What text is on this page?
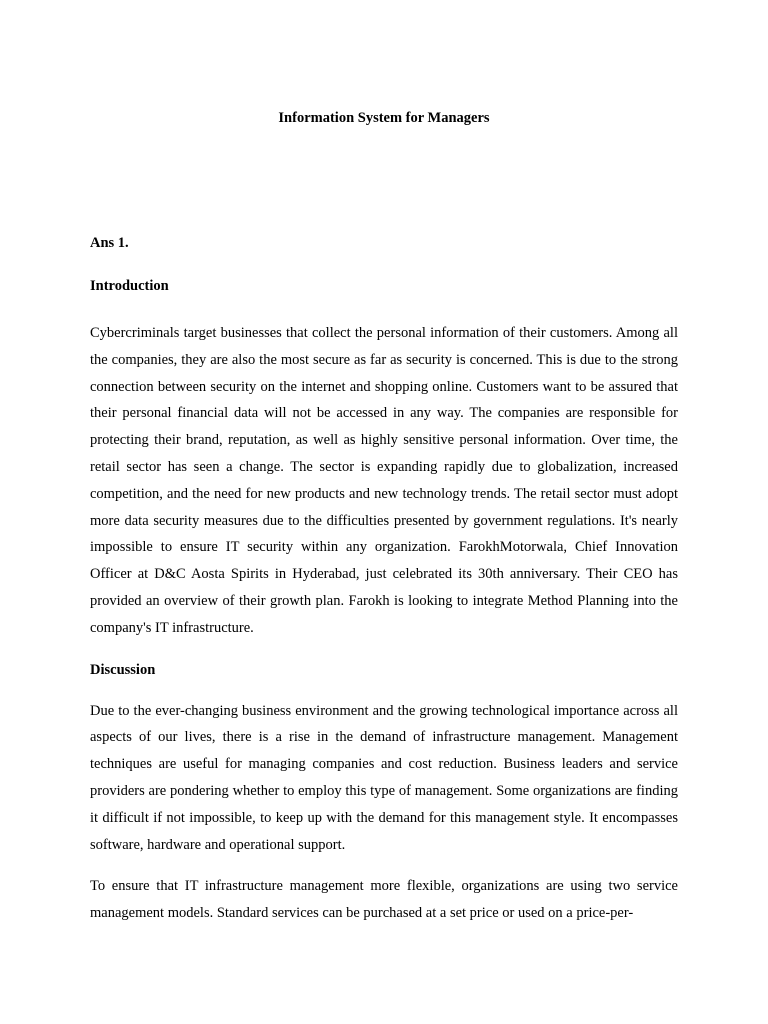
Information System for Managers

Ans 1.

Introduction

Cybercriminals target businesses that collect the personal information of their customers. Among all the companies, they are also the most secure as far as security is concerned. This is due to the strong connection between security on the internet and shopping online. Customers want to be assured that their personal financial data will not be accessed in any way. The companies are responsible for protecting their brand, reputation, as well as highly sensitive personal information. Over time, the retail sector has seen a change. The sector is expanding rapidly due to globalization, increased competition, and the need for new products and new technology trends. The retail sector must adopt more data security measures due to the difficulties presented by government regulations. It's nearly impossible to ensure IT security within any organization. FarokhMotorwala, Chief Innovation Officer at D&C Aosta Spirits in Hyderabad, just celebrated its 30th anniversary. Their CEO has provided an overview of their growth plan. Farokh is looking to integrate Method Planning into the company's IT infrastructure.

Discussion

Due to the ever-changing business environment and the growing technological importance across all aspects of our lives, there is a rise in the demand of infrastructure management. Management techniques are useful for managing companies and cost reduction. Business leaders and service providers are pondering whether to employ this type of management. Some organizations are finding it difficult if not impossible, to keep up with the demand for this management style. It encompasses software, hardware and operational support.

To ensure that IT infrastructure management more flexible, organizations are using two service management models. Standard services can be purchased at a set price or used on a price-per-
